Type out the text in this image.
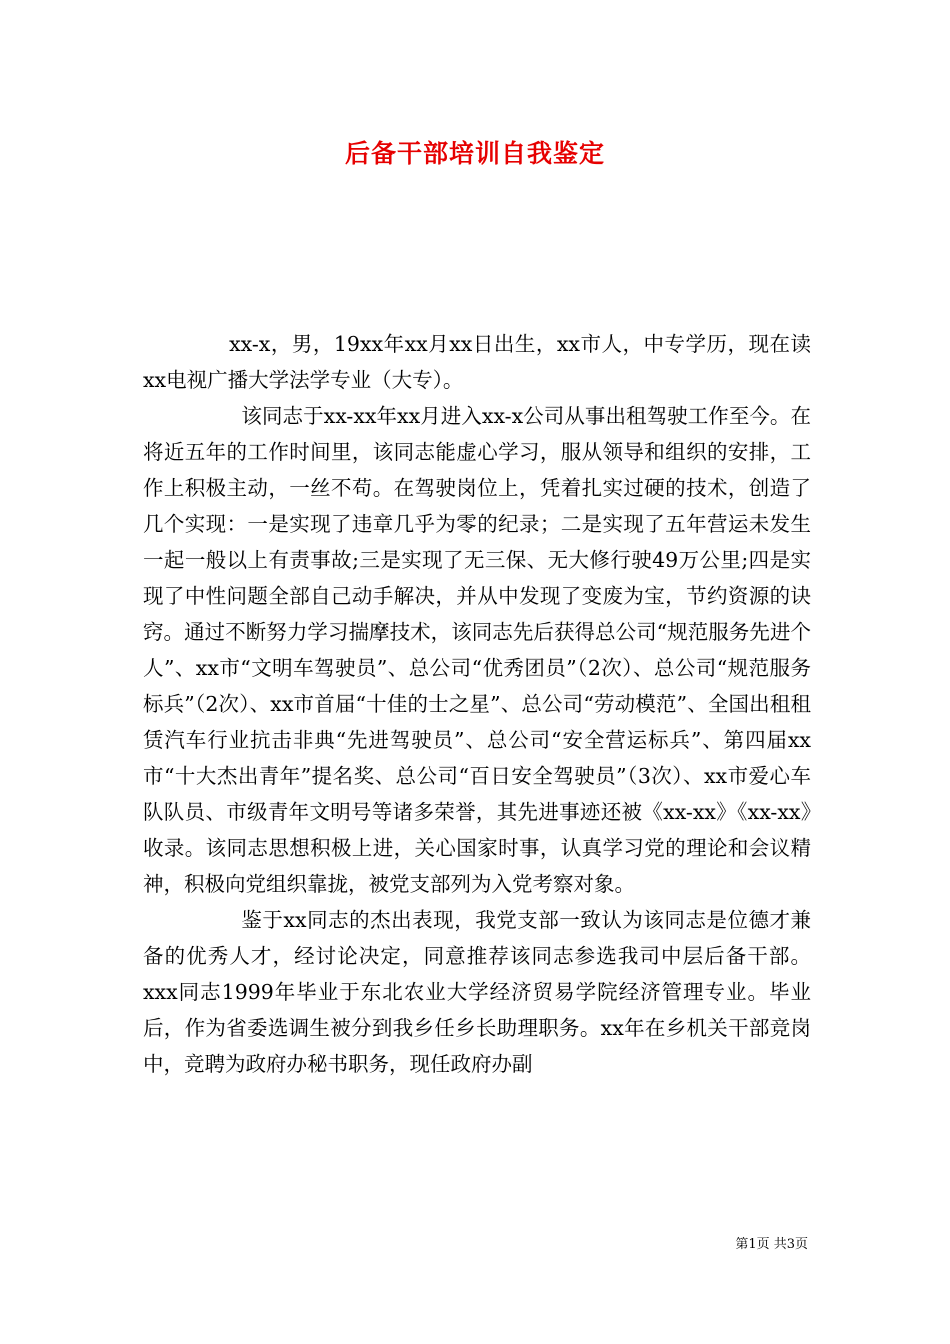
后备干部培训自我鉴定

xx-x，男，19xx年xx月xx日出生，xx市人，中专学历，现在读xx电视广播大学法学专业（大专）。

该同志于xx-xx年xx月进入xx-x公司从事出租驾驶工作至今。在将近五年的工作时间里，该同志能虚心学习，服从领导和组织的安排，工作上积极主动，一丝不苟。在驾驶岗位上，凭着扎实过硬的技术，创造了几个实现：一是实现了违章几乎为零的纪录；二是实现了五年营运未发生一起一般以上有责事故;三是实现了无三保、无大修行驶49万公里;四是实现了中性问题全部自己动手解决，并从中发现了变废为宝，节约资源的诀窍。通过不断努力学习揣摩技术，该同志先后获得总公司“规范服务先进个人”、xx市“文明车驾驶员”、总公司“优秀团员”（2次）、总公司“规范服务标兵”（2次）、xx市首届“十佳的士之星”、总公司“劳动模范”、全国出租租赁汽车行业抗击非典“先进驾驶员”、总公司“安全营运标兵”、第四届xx市“十大杰出青年”提名奖、总公司“百日安全驾驶员”（3次）、xx市爱心车队队员、市级青年文明号等诸多荣誉，其先进事迹还被《xx-xx》《xx-xx》收录。该同志思想积极上进，关心国家时事，认真学习党的理论和会议精神，积极向党组织靠拢，被党支部列为入党考察对象。

鉴于xx同志的杰出表现，我党支部一致认为该同志是位德才兼备的优秀人才，经讨论决定，同意推荐该同志参选我司中层后备干部。xxx同志1999年毕业于东北农业大学经济贸易学院经济管理专业。毕业后，作为省委选调生被分到我乡任乡长助理职务。xx年在乡机关干部竞岗中，竞聘为政府办秘书职务，现任政府办副

第1页 共3页
